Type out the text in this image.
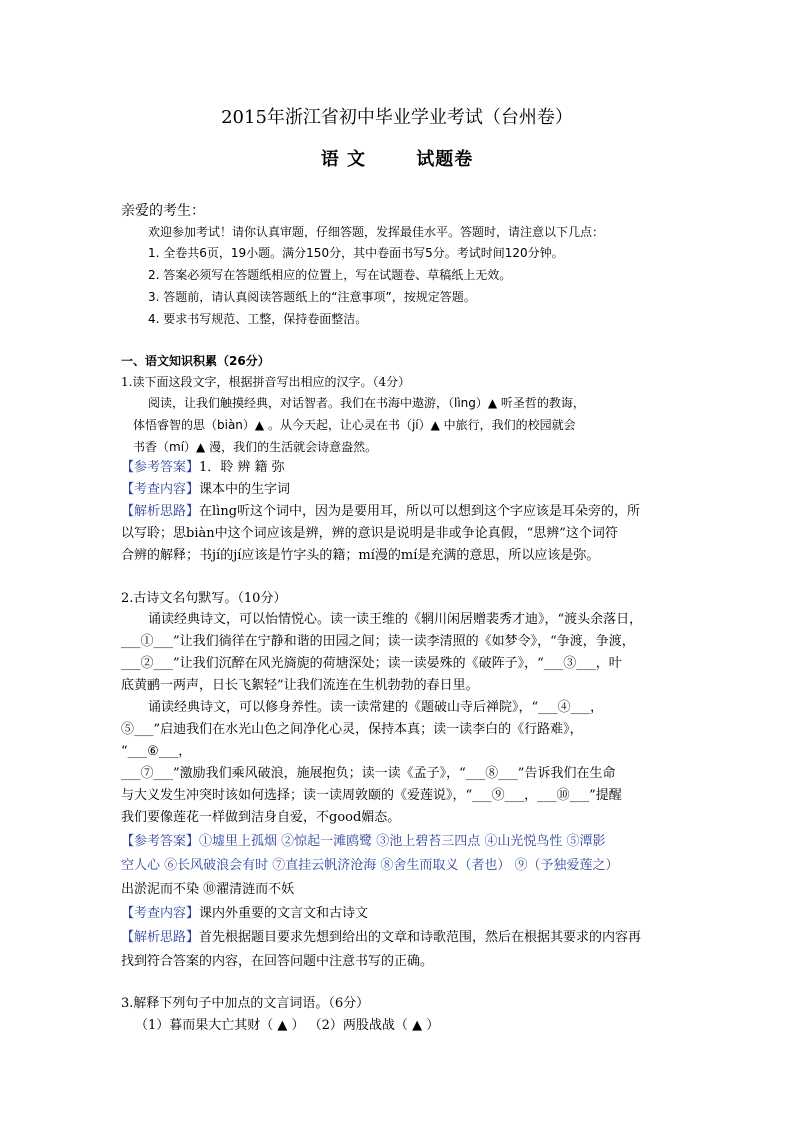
2015年浙江省初中毕业学业考试（台州卷）
语 文	试题卷
亲爱的考生：
欢迎参加考试！请你认真审题，仔细答题，发挥最佳水平。答题时，请注意以下几点：
1. 全卷共6页，19小题。满分150分，其中卷面书写5分。考试时间120分钟。
2. 答案必须写在答题纸相应的位置上，写在试题卷、草稿纸上无效。
3. 答题前，请认真阅读答题纸上的“注意事项”，按规定答题。
4. 要求书写规范、工整，保持卷面整洁。
一、语文知识积累（26分）
1.读下面这段文字，根据拼音写出相应的汉字。（4分）
阅读，让我们触摸经典，对话智者。我们在书海中遨游，（lìng）▲ 听圣哲的教诲，
体悟睿智的思（biàn）▲ 。从今天起，让心灵在书（jí）▲ 中旅行，我们的校园就会
书香（mí）▲ 漫，我们的生活就会诗意盎然。
【参考答案】1．聆 辨 籍 弥
【考查内容】课本中的生字词
【解析思路】在lìng听这个词中，因为是要用耳，所以可以想到这个字应该是耳朵旁的，所
以写聆；思biàn中这个词应该是辨，辨的意识是说明是非或争论真假，“思辨”这个词符
合辨的解释；书jí的jí应该是竹字头的籍；mí漫的mí是充满的意思，所以应该是弥。
2.古诗文名句默写。（10分）
诵读经典诗文，可以怡情悦心。读一读王维的《辋川闲居赠裴秀才迪》，“渡头余落日，
___①___”让我们徜徉在宁静和谐的田园之间；读一读李清照的《如梦令》，“争渡，争渡，
___②___”让我们沉醉在风光旖旎的荷塘深处；读一读晏殊的《破阵子》，“___③___，叶
底黄鹂一两声，日长飞絮轻”让我们流连在生机勃勃的春日里。
诵读经典诗文，可以修身养性。读一读常建的《题破山寺后禅院》，“___④___，
⑤___”启迪我们在水光山色之间净化心灵，保持本真；读一读李白的《行路难》，
“___⑥___，
___⑦___”激励我们乘风破浪，施展抱负；读一读《孟子》，“___⑧___”告诉我们在生命
与大义发生冲突时该如何选择；读一读周敦颐的《爱莲说》，“___⑨___，___⑩___”提醒
我们要像莲花一样做到洁身自爱，不good媚态。
【参考答案】①墟里上孤烟 ②惊起一滩鸥鹭 ③池上碧苔三四点 ④山光悦鸟性 ⑤潭影
空人心 ⑥长风破浪会有时 ⑦直挂云帆济沧海 ⑧舍生而取义（者也） ⑨（予独爱莲之）
出淤泥而不染 ⑩濯清涟而不妖
【考查内容】课内外重要的文言文和古诗文
【解析思路】首先根据题目要求先想到给出的文章和诗歌范围，然后在根据其要求的内容再
找到符合答案的内容，在回答问题中注意书写的正确。
3.解释下列句子中加点的文言词语。（6分）
（1）暮而果大亡其财（ ▲ ） （2）两股战战（ ▲ ）
